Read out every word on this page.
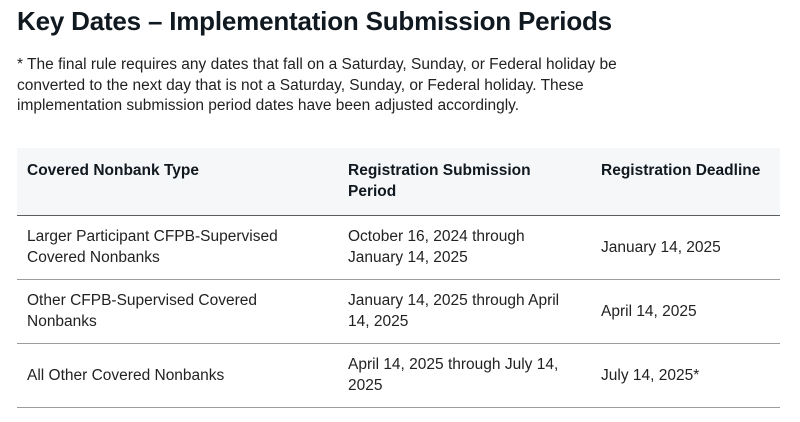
Key Dates – Implementation Submission Periods

* The final rule requires any dates that fall on a Saturday, Sunday, or Federal holiday be converted to the next day that is not a Saturday, Sunday, or Federal holiday. These implementation submission period dates have been adjusted accordingly.

Covered Nonbank Type	Registration Submission Period	Registration Deadline
Larger Participant CFPB-Supervised Covered Nonbanks	October 16, 2024 through January 14, 2025	January 14, 2025
Other CFPB-Supervised Covered Nonbanks	January 14, 2025 through April 14, 2025	April 14, 2025
All Other Covered Nonbanks	April 14, 2025 through July 14, 2025	July 14, 2025*
